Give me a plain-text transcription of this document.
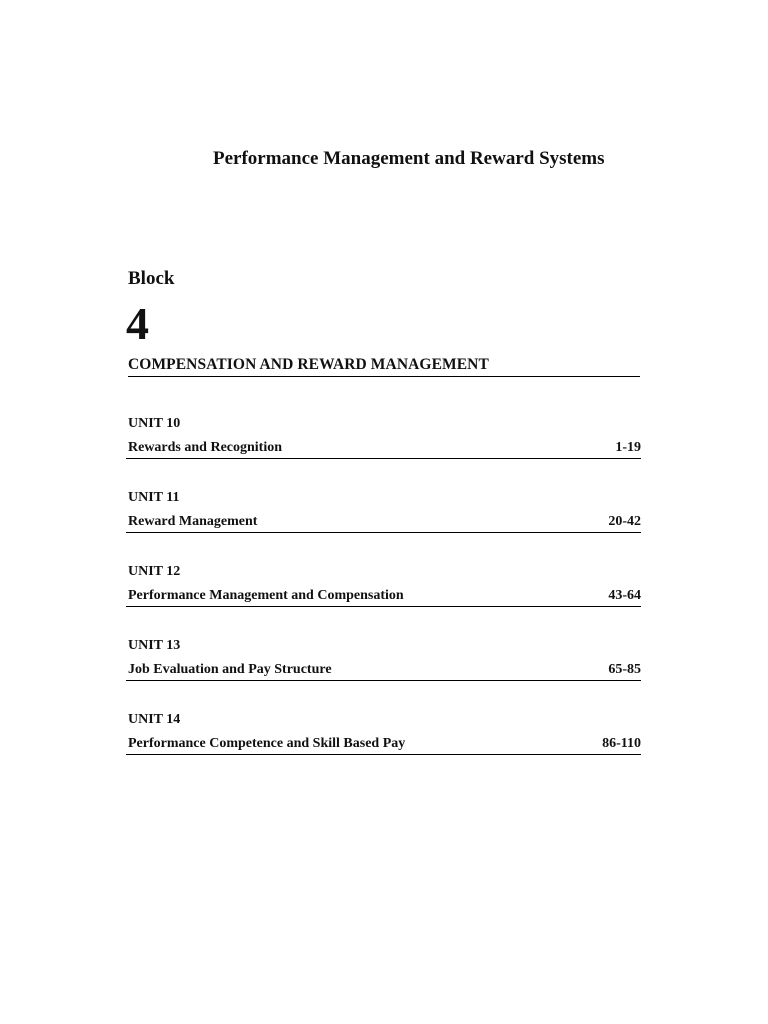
Performance Management and Reward Systems
Block
4
COMPENSATION AND REWARD MANAGEMENT
UNIT 10
Rewards and Recognition	1-19
UNIT 11
Reward Management	20-42
UNIT 12
Performance Management and Compensation	43-64
UNIT 13
Job Evaluation and Pay Structure	65-85
UNIT 14
Performance Competence and Skill Based Pay	86-110
